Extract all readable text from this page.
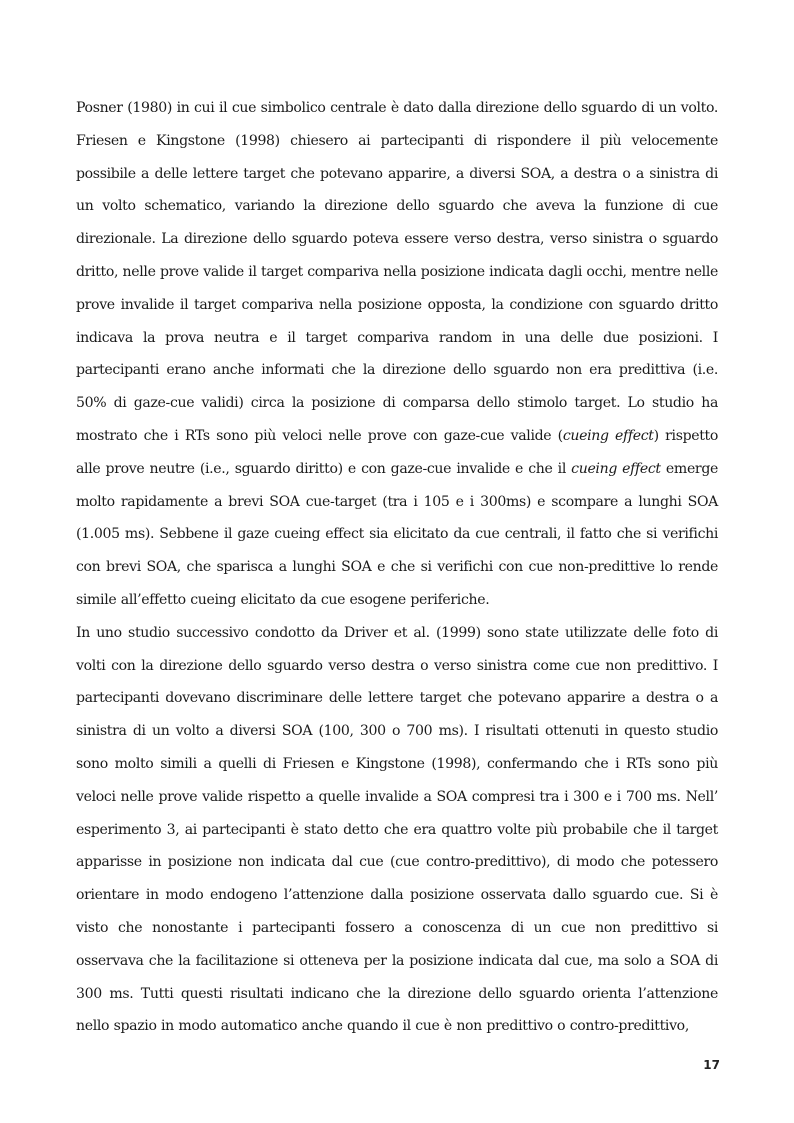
Posner (1980) in cui il cue simbolico centrale è dato dalla direzione dello sguardo di un volto. Friesen e Kingstone (1998) chiesero ai partecipanti di rispondere il più velocemente possibile a delle lettere target che potevano apparire, a diversi SOA, a destra o a sinistra di un volto schematico, variando la direzione dello sguardo che aveva la funzione di cue direzionale. La direzione dello sguardo poteva essere verso destra, verso sinistra o sguardo dritto, nelle prove valide il target compariva nella posizione indicata dagli occhi, mentre nelle prove invalide il target compariva nella posizione opposta, la condizione con sguardo dritto indicava la prova neutra e il target compariva random in una delle due posizioni. I partecipanti erano anche informati che la direzione dello sguardo non era predittiva (i.e. 50% di gaze-cue validi) circa la posizione di comparsa dello stimolo target. Lo studio ha mostrato che i RTs sono più veloci nelle prove con gaze-cue valide (cueing effect) rispetto alle prove neutre (i.e., sguardo diritto) e con gaze-cue invalide e che il cueing effect emerge molto rapidamente a brevi SOA cue-target (tra i 105 e i 300ms) e scompare a lunghi SOA (1.005 ms). Sebbene il gaze cueing effect sia elicitato da cue centrali, il fatto che si verifichi con brevi SOA, che sparisca a lunghi SOA e che si verifichi con cue non-predittive lo rende simile all’effetto cueing elicitato da cue esogene periferiche.

In uno studio successivo condotto da Driver et al. (1999) sono state utilizzate delle foto di volti con la direzione dello sguardo verso destra o verso sinistra come cue non predittivo. I partecipanti dovevano discriminare delle lettere target che potevano apparire a destra o a sinistra di un volto a diversi SOA (100, 300 o 700 ms). I risultati ottenuti in questo studio sono molto simili a quelli di Friesen e Kingstone (1998), confermando che i RTs sono più veloci nelle prove valide rispetto a quelle invalide a SOA compresi tra i 300 e i 700 ms. Nell’ esperimento 3, ai partecipanti è stato detto che era quattro volte più probabile che il target apparisse in posizione non indicata dal cue (cue contro-predittivo), di modo che potessero orientare in modo endogeno l’attenzione dalla posizione osservata dallo sguardo cue. Si è visto che nonostante i partecipanti fossero a conoscenza di un cue non predittivo si osservava che la facilitazione si otteneva per la posizione indicata dal cue, ma solo a SOA di 300 ms. Tutti questi risultati indicano che la direzione dello sguardo orienta l’attenzione nello spazio in modo automatico anche quando il cue è non predittivo o contro-predittivo,

17
